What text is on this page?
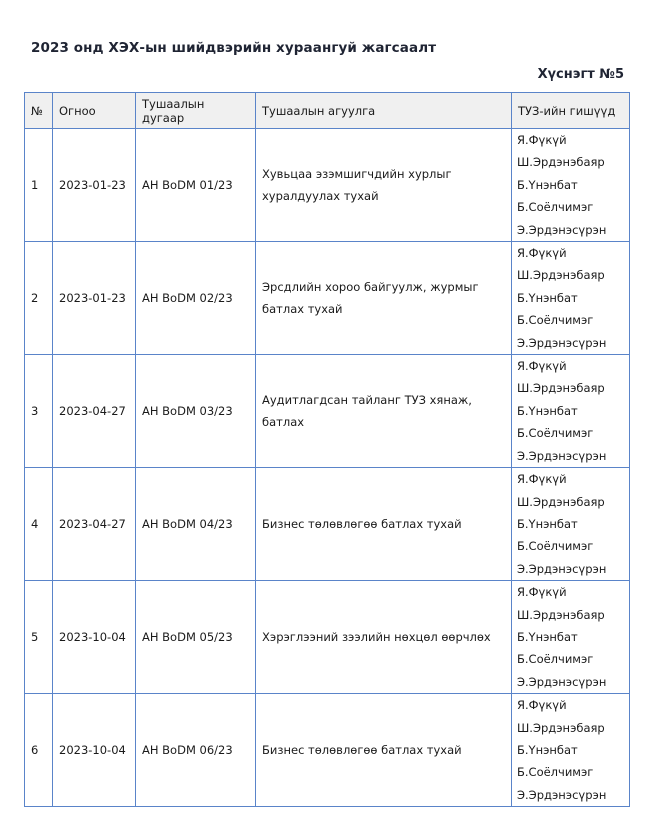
2023 онд ХЭХ-ын шийдвэрийн хураангуй жагсаалт
Хүснэгт №5
№	Огноо	Тушаалын дугаар	Тушаалын агуулга	ТУЗ-ийн гишүүд
1	2023-01-23	АН BoDM 01/23	Хувьцаа эзэмшигчдийн хурлыг хуралдуулах тухай	Я.Фүкүй
Ш.Эрдэнэбаяр
Б.Үнэнбат
Б.Соёлчимэг
Э.Эрдэнэсүрэн

2	2023-01-23	АН BoDM 02/23	Эрсдлийн хороо байгуулж, журмыг батлах тухай	Я.Фүкүй
Ш.Эрдэнэбаяр
Б.Үнэнбат
Б.Соёлчимэг
Э.Эрдэнэсүрэн

3	2023-04-27	АН BoDM 03/23	Аудитлагдсан тайланг ТУЗ хянаж, батлах	Я.Фүкүй
Ш.Эрдэнэбаяр
Б.Үнэнбат
Б.Соёлчимэг
Э.Эрдэнэсүрэн

4	2023-04-27	АН BoDM 04/23	Бизнес төлөвлөгөө батлах тухай	Я.Фүкүй
Ш.Эрдэнэбаяр
Б.Үнэнбат
Б.Соёлчимэг
Э.Эрдэнэсүрэн

5	2023-10-04	АН BoDM 05/23	Хэрэглээний зээлийн нөхцөл өөрчлөх	Я.Фүкүй
Ш.Эрдэнэбаяр
Б.Үнэнбат
Б.Соёлчимэг
Э.Эрдэнэсүрэн

6	2023-10-04	АН BoDM 06/23	Бизнес төлөвлөгөө батлах тухай	Я.Фүкүй
Ш.Эрдэнэбаяр
Б.Үнэнбат
Б.Соёлчимэг
Э.Эрдэнэсүрэн
